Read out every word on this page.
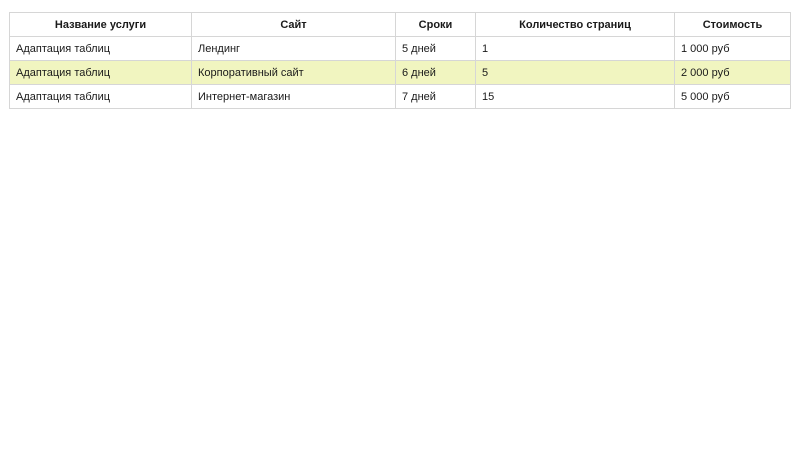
Название услуги	Сайт	Сроки	Количество страниц	Стоимость
Адаптация таблиц	Лендинг	5 дней	1	1 000 руб
Адаптация таблиц	Корпоративный сайт	6 дней	5	2 000 руб
Адаптация таблиц	Интернет-магазин	7 дней	15	5 000 руб
